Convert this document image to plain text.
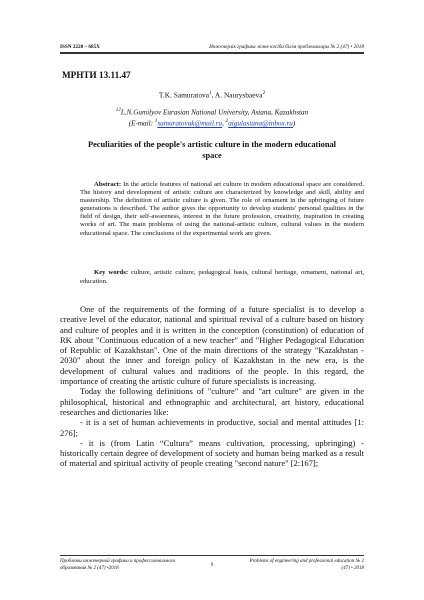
ISSN 2220 – 685X	Инженерлік графика және кәсіби білім проблемалары № 2 (47) • 2018
МРНТИ 13.11.47
T.K. Samuratova$^1$, A. Naurysbaeva$^2$
$^{12}$L.N.Gumilyov Eurasian National University, Astana, Kazakhstan
(E-mail: $^1$samuratovak@mail.ru, $^2$aigulastana@inbox.ru)
Peculiarities of the people's artistic culture in the modern educational space
Abstract: In the article features of national art culture in modern educational space are considered. The history and development of artistic culture are characterized by knowledge and skill, ability and mastership. The definition of artistic culture is given. The role of ornament in the upbringing of future generations is described. The author gives the opportunity to develop students' personal qualities in the field of design, their self-awareness, interest in the future profession, creativity, inspiration in creating works of art. The main problems of using the national-artistic culture, cultural values in the modern educational space. The conclusions of the experimental work are given.
Key words: culture, artistic culture, pedagogical basis, cultural heritage, ornament, national art, education.

One of the requirements of the forming of a future specialist is to develop a creative level of the educator, national and spiritual revival of a culture based on history and culture of peoples and it is written in the conception (constitution) of education of RK about "Continuous education of a new teacher" and "Higher Pedagogical Education of Republic of Kazakhstan". One of the main directions of the strategy "Kazakhstan - 2030" about the inner and foreign policy of Kazakhstan in the new era, is the development of cultural values and traditions of the people. In this regard, the importance of creating the artistic culture of future specialists is increasing.

Today the following definitions of "culture" and "art culture" are given in the philosophical, historical and ethnographic and architectural, art history, educational researches and dictionaries like:

- it is a set of human achievements in productive, social and mental attitudes [1: 276];

- it is (from Latin “Cultura” means cultivation, processing, upbringing) - historically certain degree of development of society and human being marked as a result of material and spiritual activity of people creating "second nature" [2:167];

Проблемы инженерной графики и профессионального образования № 2 (47) •2018	9
Problems of engineering and professional education № 2 (47) • 2018
